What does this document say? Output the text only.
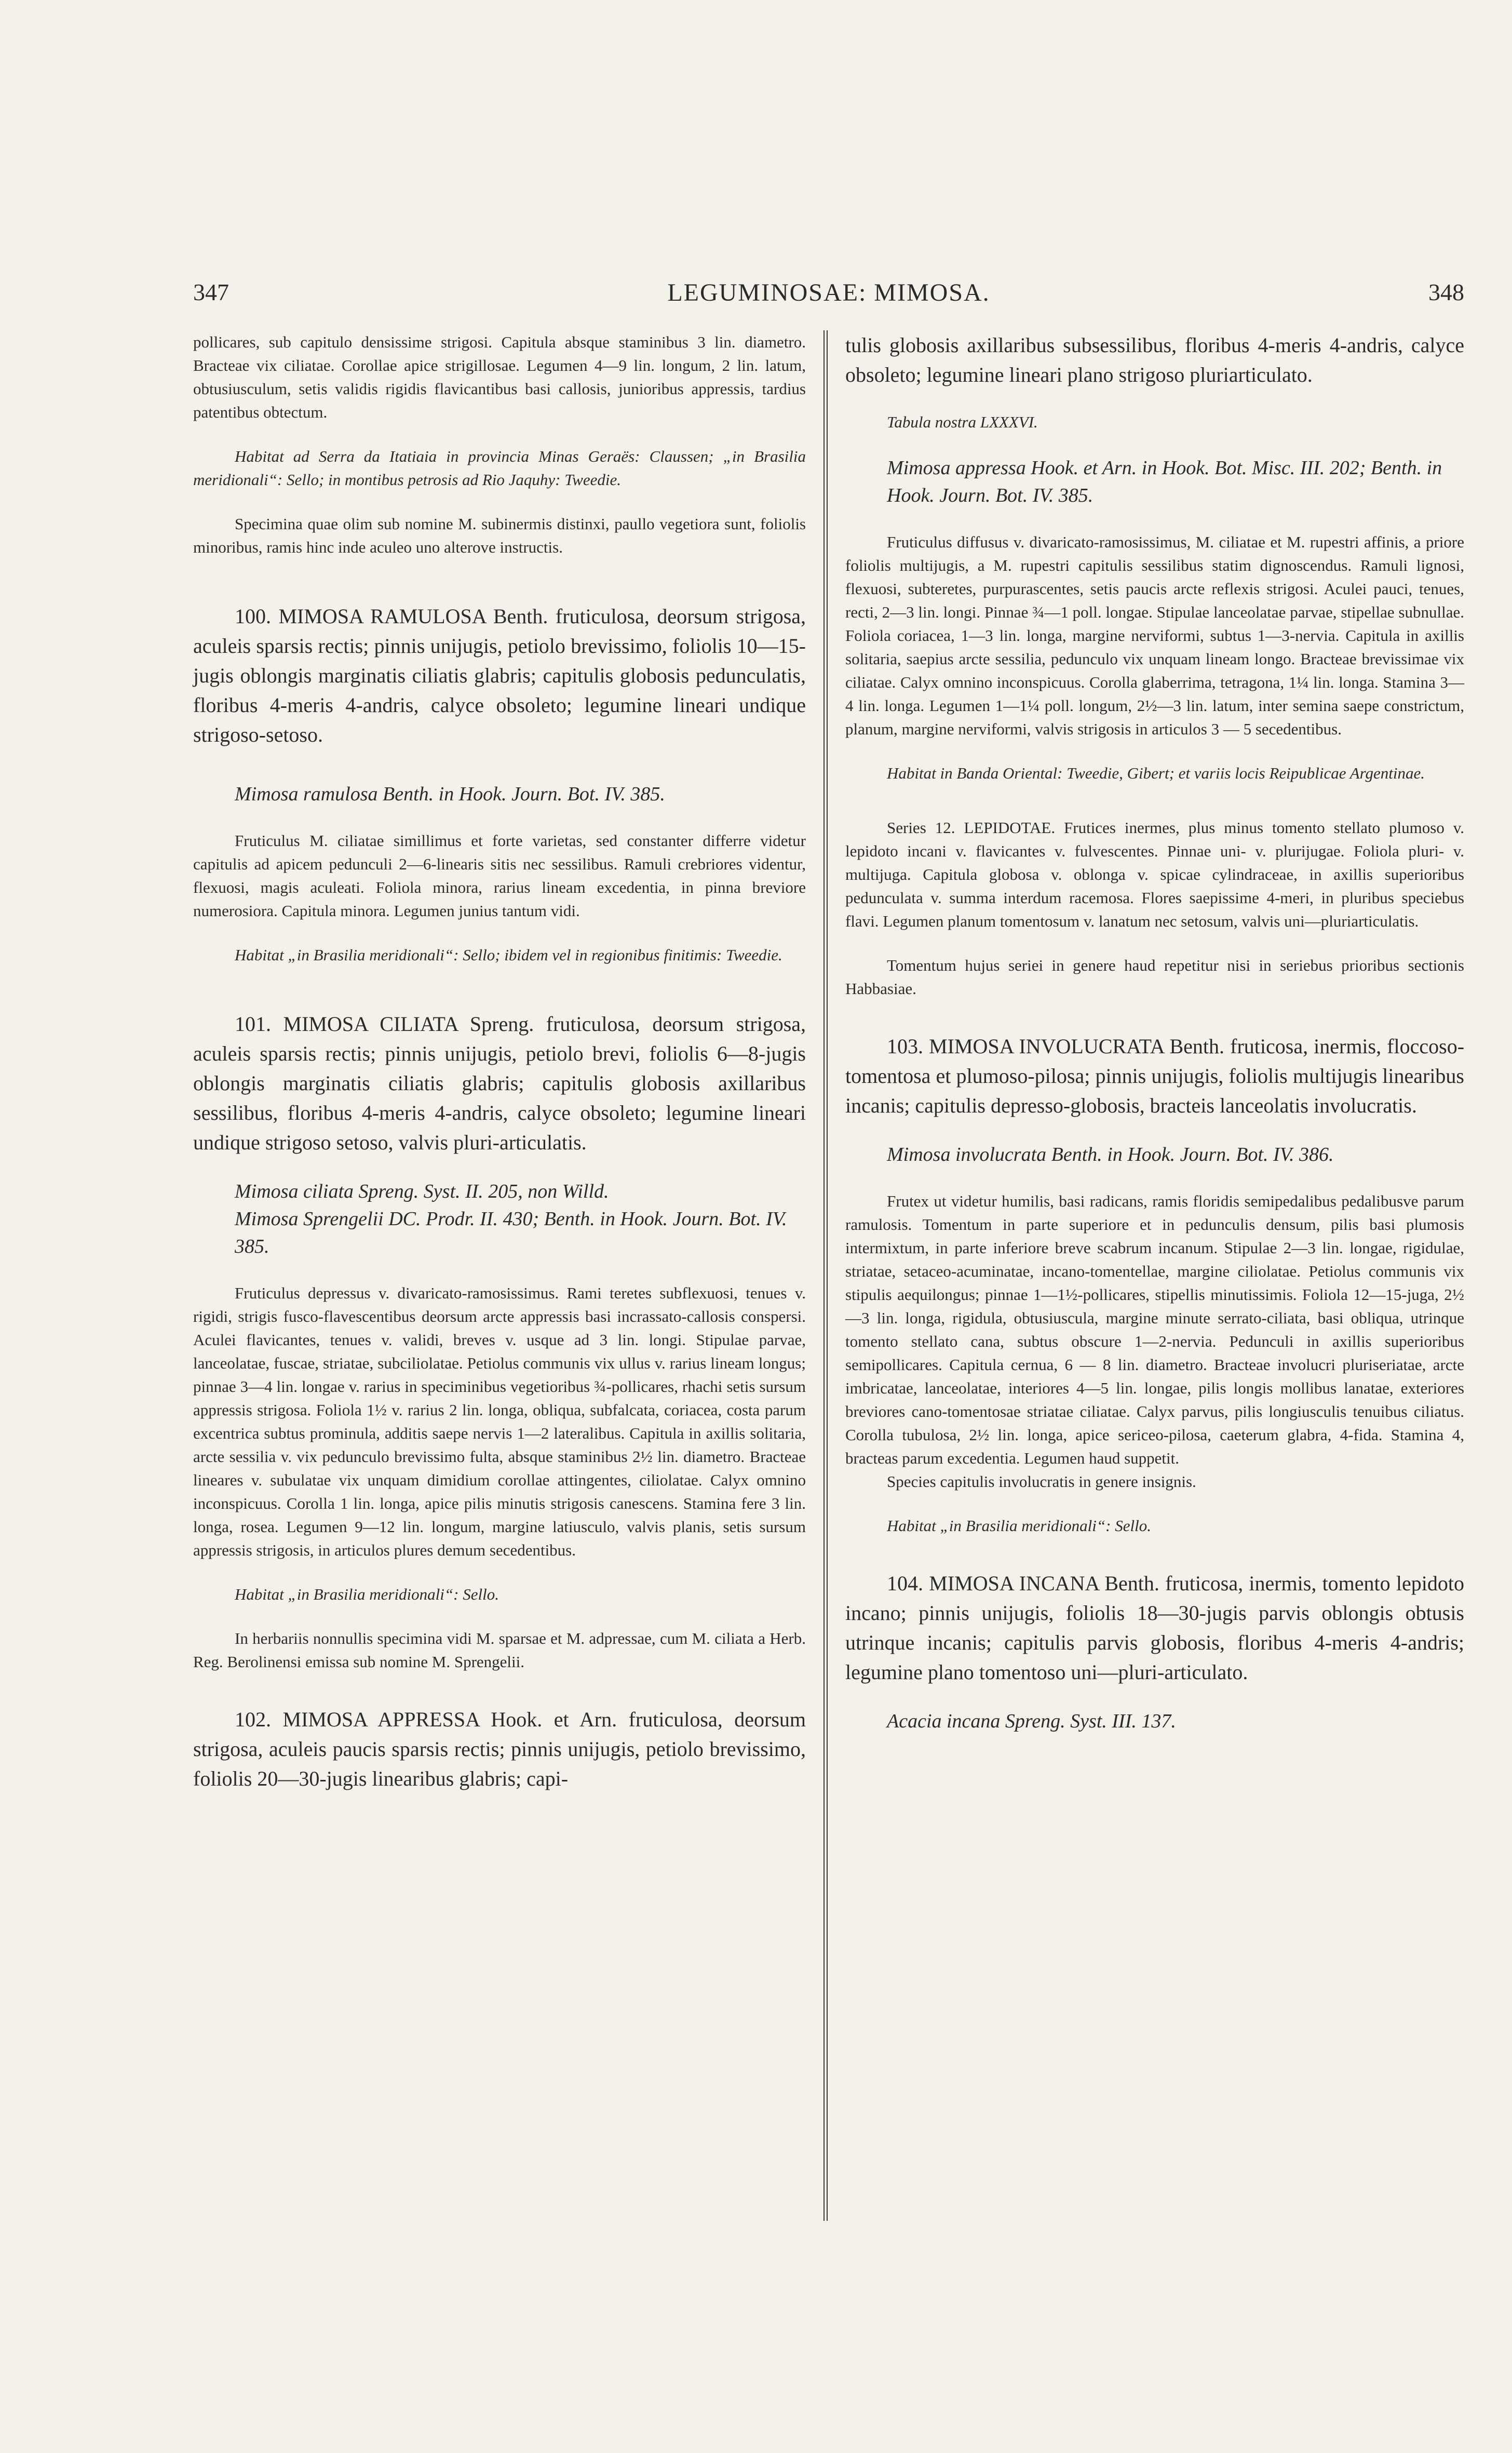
347	LEGUMINOSAE: MIMOSA.	348

pollicares, sub capitulo densissime strigosi. Capitula absque staminibus 3 lin. diametro. Bracteae vix ciliatae. Corollae apice strigillosae. Legumen 4—9 lin. longum, 2 lin. latum, obtusiusculum, setis validis rigidis flavicantibus basi callosis, junioribus appressis, tardius patentibus obtectum.

Habitat ad Serra da Itatiaia in provincia Minas Geraës: Claussen; „in Brasilia meridionali“: Sello; in montibus petrosis ad Rio Jaquhy: Tweedie.

Specimina quae olim sub nomine M. subinermis distinxi, paullo vegetiora sunt, foliolis minoribus, ramis hinc inde aculeo uno alterove instructis.

100. MIMOSA RAMULOSA Benth. fruticulosa, deorsum strigosa, aculeis sparsis rectis; pinnis unijugis, petiolo brevissimo, foliolis 10—15-jugis oblongis marginatis ciliatis glabris; capitulis globosis pedunculatis, floribus 4-meris 4-andris, calyce obsoleto; legumine lineari undique strigoso-setoso.

Mimosa ramulosa Benth. in Hook. Journ. Bot. IV. 385.

Fruticulus M. ciliatae simillimus et forte varietas, sed constanter differre videtur capitulis ad apicem pedunculi 2—6-linearis sitis nec sessilibus. Ramuli crebriores videntur, flexuosi, magis aculeati. Foliola minora, rarius lineam excedentia, in pinna breviore numerosiora. Capitula minora. Legumen junius tantum vidi.

Habitat „in Brasilia meridionali“: Sello; ibidem vel in regionibus finitimis: Tweedie.

101. MIMOSA CILIATA Spreng. fruticulosa, deorsum strigosa, aculeis sparsis rectis; pinnis unijugis, petiolo brevi, foliolis 6—8-jugis oblongis marginatis ciliatis glabris; capitulis globosis axillaribus sessilibus, floribus 4-meris 4-andris, calyce obsoleto; legumine lineari undique strigoso setoso, valvis pluri-articulatis.

Mimosa ciliata Spreng. Syst. II. 205, non Willd.

Mimosa Sprengelii DC. Prodr. II. 430; Benth. in Hook. Journ. Bot. IV. 385.

Fruticulus depressus v. divaricato-ramosissimus. Rami teretes subflexuosi, tenues v. rigidi, strigis fusco-flavescentibus deorsum arcte appressis basi incrassato-callosis conspersi. Aculei flavicantes, tenues v. validi, breves v. usque ad 3 lin. longi. Stipulae parvae, lanceolatae, fuscae, striatae, subciliolatae. Petiolus communis vix ullus v. rarius lineam longus; pinnae 3—4 lin. longae v. rarius in speciminibus vegetioribus ¾-pollicares, rhachi setis sursum appressis strigosa. Foliola 1½ v. rarius 2 lin. longa, obliqua, subfalcata, coriacea, costa parum excentrica subtus prominula, additis saepe nervis 1—2 lateralibus. Capitula in axillis solitaria, arcte sessilia v. vix pedunculo brevissimo fulta, absque staminibus 2½ lin. diametro. Bracteae lineares v. subulatae vix unquam dimidium corollae attingentes, ciliolatae. Calyx omnino inconspicuus. Corolla 1 lin. longa, apice pilis minutis strigosis canescens. Stamina fere 3 lin. longa, rosea. Legumen 9—12 lin. longum, margine latiusculo, valvis planis, setis sursum appressis strigosis, in articulos plures demum secedentibus.

Habitat „in Brasilia meridionali“: Sello.

In herbariis nonnullis specimina vidi M. sparsae et M. adpressae, cum M. ciliata a Herb. Reg. Berolinensi emissa sub nomine M. Sprengelii.

102. MIMOSA APPRESSA Hook. et Arn. fruticulosa, deorsum strigosa, aculeis paucis sparsis rectis; pinnis unijugis, petiolo brevissimo, foliolis 20—30-jugis linearibus glabris; capi-

tulis globosis axillaribus subsessilibus, floribus 4-meris 4-andris, calyce obsoleto; legumine lineari plano strigoso pluriarticulato.

Tabula nostra LXXXVI.

Mimosa appressa Hook. et Arn. in Hook. Bot. Misc. III. 202; Benth. in Hook. Journ. Bot. IV. 385.

Fruticulus diffusus v. divaricato-ramosissimus, M. ciliatae et M. rupestri affinis, a priore foliolis multijugis, a M. rupestri capitulis sessilibus statim dignoscendus. Ramuli lignosi, flexuosi, subteretes, purpurascentes, setis paucis arcte reflexis strigosi. Aculei pauci, tenues, recti, 2—3 lin. longi. Pinnae ¾—1 poll. longae. Stipulae lanceolatae parvae, stipellae subnullae. Foliola coriacea, 1—3 lin. longa, margine nerviformi, subtus 1—3-nervia. Capitula in axillis solitaria, saepius arcte sessilia, pedunculo vix unquam lineam longo. Bracteae brevissimae vix ciliatae. Calyx omnino inconspicuus. Corolla glaberrima, tetragona, 1¼ lin. longa. Stamina 3—4 lin. longa. Legumen 1—1¼ poll. longum, 2½—3 lin. latum, inter semina saepe constrictum, planum, margine nerviformi, valvis strigosis in articulos 3 — 5 secedentibus.

Habitat in Banda Oriental: Tweedie, Gibert; et variis locis Reipublicae Argentinae.

Series 12. LEPIDOTAE. Frutices inermes, plus minus tomento stellato plumoso v. lepidoto incani v. flavicantes v. fulvescentes. Pinnae uni- v. plurijugae. Foliola pluri- v. multijuga. Capitula globosa v. oblonga v. spicae cylindraceae, in axillis superioribus pedunculata v. summa interdum racemosa. Flores saepissime 4-meri, in pluribus speciebus flavi. Legumen planum tomentosum v. lanatum nec setosum, valvis uni—pluriarticulatis.

Tomentum hujus seriei in genere haud repetitur nisi in seriebus prioribus sectionis Habbasiae.

103. MIMOSA INVOLUCRATA Benth. fruticosa, inermis, floccoso-tomentosa et plumoso-pilosa; pinnis unijugis, foliolis multijugis linearibus incanis; capitulis depresso-globosis, bracteis lanceolatis involucratis.

Mimosa involucrata Benth. in Hook. Journ. Bot. IV. 386.

Frutex ut videtur humilis, basi radicans, ramis floridis semipedalibus pedalibusve parum ramulosis. Tomentum in parte superiore et in pedunculis densum, pilis basi plumosis intermixtum, in parte inferiore breve scabrum incanum. Stipulae 2—3 lin. longae, rigidulae, striatae, setaceo-acuminatae, incano-tomentellae, margine ciliolatae. Petiolus communis vix stipulis aequilongus; pinnae 1—1½-pollicares, stipellis minutissimis. Foliola 12—15-juga, 2½—3 lin. longa, rigidula, obtusiuscula, margine minute serrato-ciliata, basi obliqua, utrinque tomento stellato cana, subtus obscure 1—2-nervia. Pedunculi in axillis superioribus semipollicares. Capitula cernua, 6 — 8 lin. diametro. Bracteae involucri pluriseriatae, arcte imbricatae, lanceolatae, interiores 4—5 lin. longae, pilis longis mollibus lanatae, exteriores breviores cano-tomentosae striatae ciliatae. Calyx parvus, pilis longiusculis tenuibus ciliatus. Corolla tubulosa, 2½ lin. longa, apice sericeo-pilosa, caeterum glabra, 4-fida. Stamina 4, bracteas parum excedentia. Legumen haud suppetit.

Species capitulis involucratis in genere insignis.

Habitat „in Brasilia meridionali“: Sello.

104. MIMOSA INCANA Benth. fruticosa, inermis, tomento lepidoto incano; pinnis unijugis, foliolis 18—30-jugis parvis oblongis obtusis utrinque incanis; capitulis parvis globosis, floribus 4-meris 4-andris; legumine plano tomentoso uni—pluri-articulato.

Acacia incana Spreng. Syst. III. 137.
